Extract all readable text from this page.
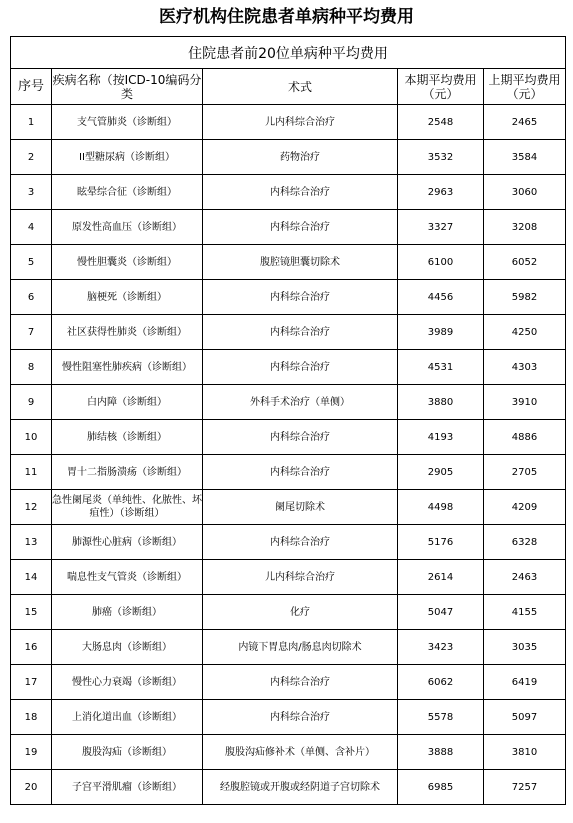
医疗机构住院患者单病种平均费用
住院患者前20位单病种平均费用				
序号	疾病名称（按ICD-10编码分类	术式	本期平均费用（元）	上期平均费用（元）
1	支气管肺炎（诊断组）	儿内科综合治疗	2548	2465
2	II型糖尿病（诊断组）	药物治疗	3532	3584
3	眩晕综合征（诊断组）	内科综合治疗	2963	3060
4	原发性高血压（诊断组）	内科综合治疗	3327	3208
5	慢性胆囊炎（诊断组）	腹腔镜胆囊切除术	6100	6052
6	脑梗死（诊断组）	内科综合治疗	4456	5982
7	社区获得性肺炎（诊断组）	内科综合治疗	3989	4250
8	慢性阻塞性肺疾病（诊断组）	内科综合治疗	4531	4303
9	白内障（诊断组）	外科手术治疗（单侧）	3880	3910
10	肺结核（诊断组）	内科综合治疗	4193	4886
11	胃十二指肠溃疡（诊断组）	内科综合治疗	2905	2705
12	急性阑尾炎（单纯性、化脓性、坏疽性）（诊断组）	阑尾切除术	4498	4209
13	肺源性心脏病（诊断组）	内科综合治疗	5176	6328
14	喘息性支气管炎（诊断组）	儿内科综合治疗	2614	2463
15	肺癌（诊断组）	化疗	5047	4155
16	大肠息肉（诊断组）	内镜下胃息肉/肠息肉切除术	3423	3035
17	慢性心力衰竭（诊断组）	内科综合治疗	6062	6419
18	上消化道出血（诊断组）	内科综合治疗	5578	5097
19	腹股沟疝（诊断组）	腹股沟疝修补术（单侧、含补片）	3888	3810
20	子宫平滑肌瘤（诊断组）	经腹腔镜或开腹或经阴道子宫切除术	6985	7257
